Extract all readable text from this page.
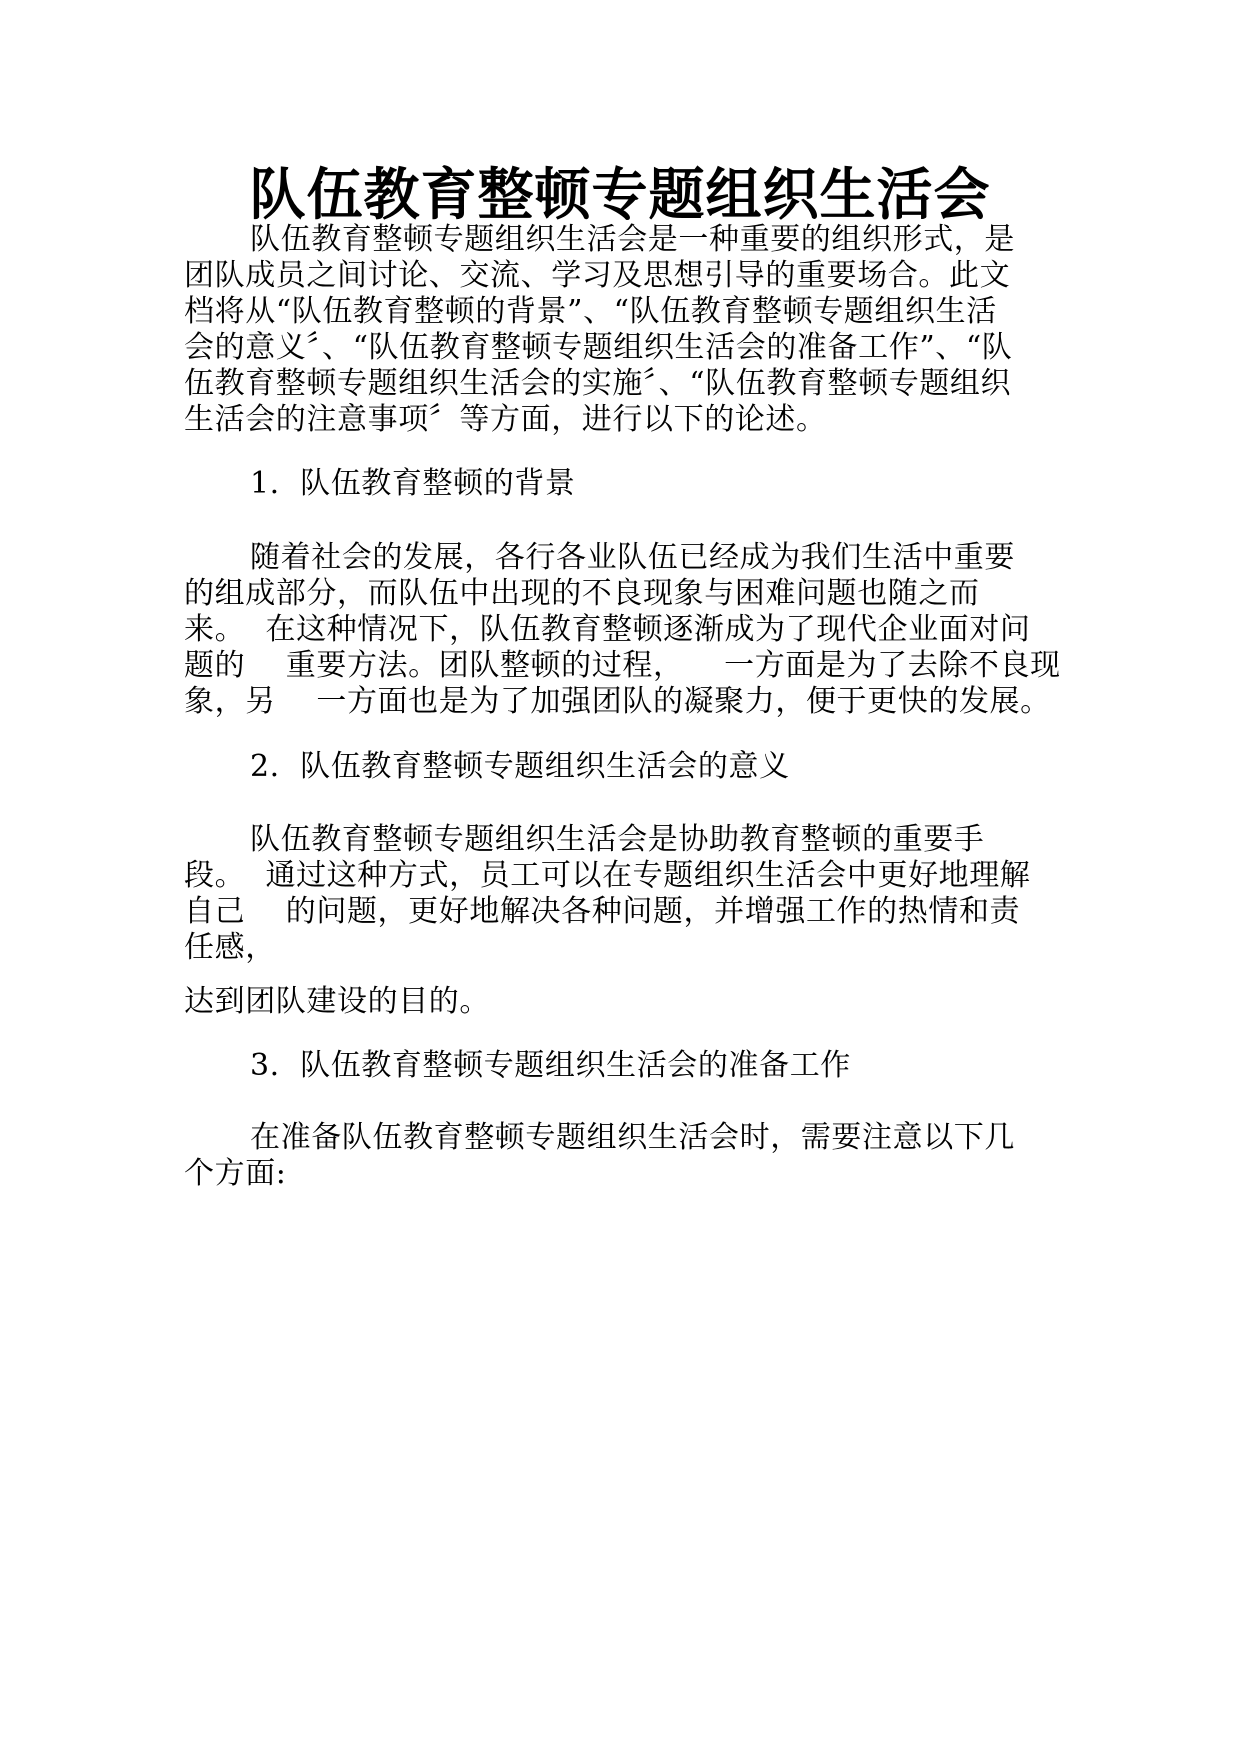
队伍教育整顿专题组织生活会
队伍教育整顿专题组织生活会是一种重要的组织形式，是
团队成员之间讨论、交流、学习及思想引导的重要场合。此文
档将从“队伍教育整顿的背景”、“队伍教育整顿专题组织生活
会的意义〞、“队伍教育整顿专题组织生活会的准备工作”、“队
伍教育整顿专题组织生活会的实施〞、“队伍教育整顿专题组织
生活会的注意事项〞等方面，进行以下的论述。
1.  队伍教育整顿的背景
随着社会的发展，各行各业队伍已经成为我们生活中重要
的组成部分，而队伍中出现的不良现象与困难问题也随之而
来。  在这种情况下，队伍教育整顿逐渐成为了现代企业面对问
题的    重要方法。团队整顿的过程，    一方面是为了去除不良现
象，另    一方面也是为了加强团队的凝聚力，便于更快的发展。
2.  队伍教育整顿专题组织生活会的意义
队伍教育整顿专题组织生活会是协助教育整顿的重要手
段。  通过这种方式，员工可以在专题组织生活会中更好地理解
自己    的问题，更好地解决各种问题，并增强工作的热情和责
任感，
达到团队建设的目的。
3.  队伍教育整顿专题组织生活会的准备工作
在准备队伍教育整顿专题组织生活会时，需要注意以下几
个方面:
